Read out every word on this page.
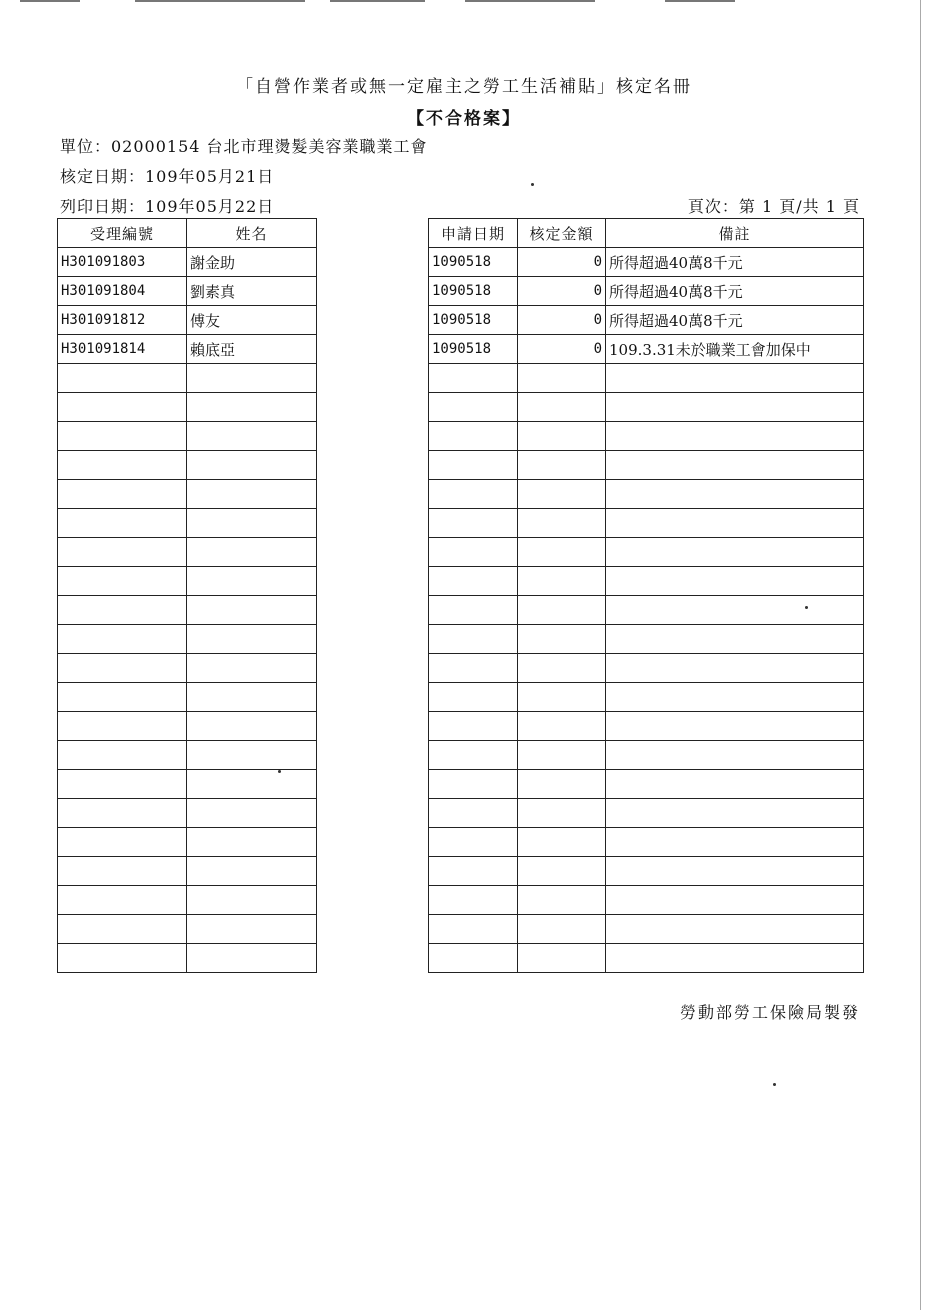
「自營作業者或無一定雇主之勞工生活補貼」核定名冊
【不合格案】
單位：02000154 台北市理燙髮美容業職業工會
核定日期：109年05月21日
列印日期：109年05月22日	頁次：第 1 頁/共 1 頁
受理編號	姓名		申請日期	核定金額	備註
H301091803	謝金助		1090518	0	所得超過40萬8千元
H301091804	劉素真		1090518	0	所得超過40萬8千元
H301091812	傅友		1090518	0	所得超過40萬8千元
H301091814	賴底亞		1090518	0	109.3.31未於職業工會加保中

勞動部勞工保險局製發
